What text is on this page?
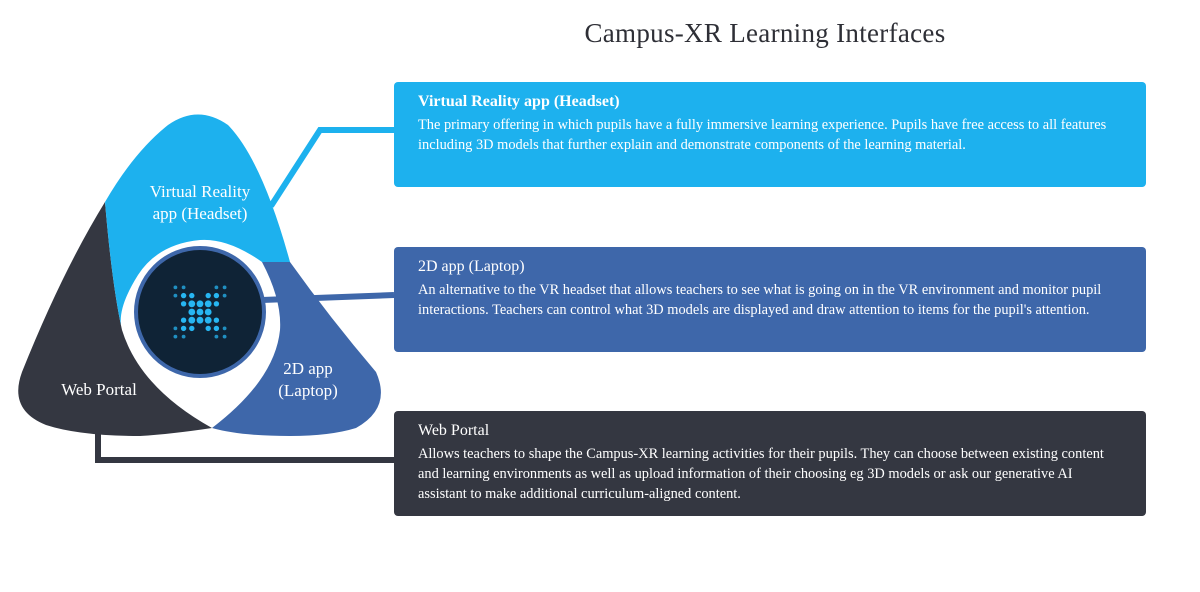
Campus-XR Learning Interfaces
Virtual Reality
app (Headset)
2D app
(Laptop)
Web Portal
Virtual Reality app (Headset)

The primary offering in which pupils have a fully immersive learning experience. Pupils have free access to all features including 3D models that further explain and demonstrate components of the learning material.

2D app (Laptop)

An alternative to the VR headset that allows teachers to see what is going on in the VR environment and monitor pupil interactions. Teachers can control what 3D models are displayed and draw attention to items for the pupil's attention.

Web Portal

Allows teachers to shape the Campus-XR learning activities for their pupils. They can choose between existing content and learning environments as well as upload information of their choosing eg 3D models or ask our generative AI assistant to make additional curriculum-aligned content.
